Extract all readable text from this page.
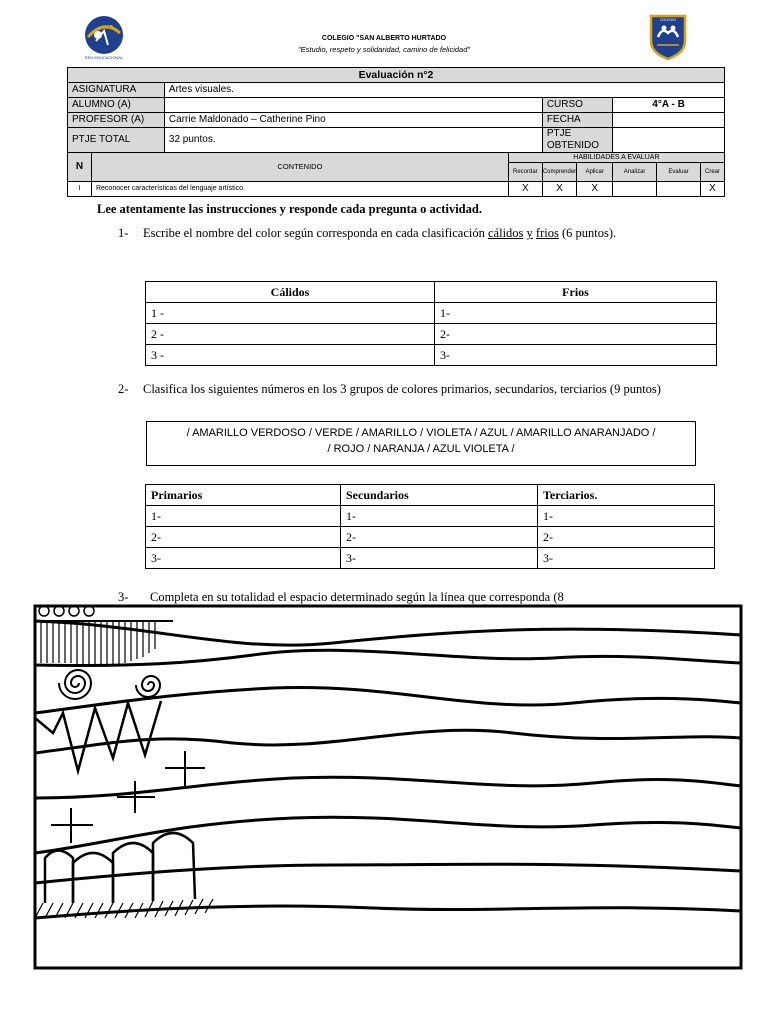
RED EDUCACIONAL
COLEGIO
COLEGIO "SAN ALBERTO HURTADO
"Estudio, respeto y solidaridad, camino de felicidad"
Evaluación n°2								
ASIGNATURA		Artes visuales.						
ALUMNO (A)				CURSO		4°A - B		
PROFESOR (A)		Carrie Maldonado – Catherine Pino		FECHA				
PTJE TOTAL		32 puntos.		PTJE OBTENIDO				
N	CONTENIDO		HABILIDADES A EVALUAR					
			Recordar	Comprender	Aplicar	Analizar	Evaluar	Crear
I	Reconocer características del lenguaje artístico.		X	X	X			X
Lee atentamente las instrucciones y responde cada pregunta o actividad.
1- Escribe el nombre del color según corresponda en cada clasificación cálidos y frios (6 puntos).
Cálidos	Frios
1 -	1-
2 -	2-
3 -	3-
2- Clasifica los siguientes números en los 3 grupos de colores primarios, secundarios, terciarios (9 puntos)
/ AMARILLO VERDOSO / VERDE / AMARILLO / VIOLETA / AZUL / AMARILLO ANARANJADO /
/ ROJO / NARANJA / AZUL VIOLETA /
Primarios	Secundarios	Terciarios.
1-	1-	1-
2-	2-	2-
3-	3-	3-
3- Completa en su totalidad el espacio determinado según la línea que corresponda (8
